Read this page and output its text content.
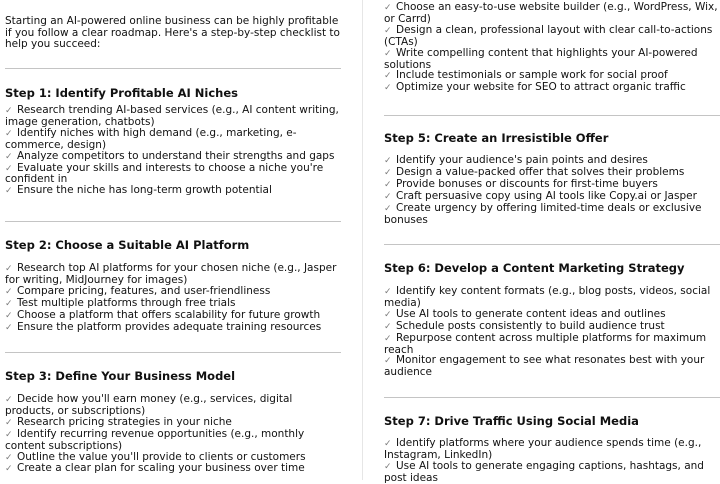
Starting an AI-powered online business can be highly profitable if you follow a clear roadmap. Here's a step-by-step checklist to help you succeed:

Step 1: Identify Profitable AI Niches
✓ Research trending AI-based services (e.g., AI content writing, image generation, chatbots)
✓ Identify niches with high demand (e.g., marketing, e-commerce, design)
✓ Analyze competitors to understand their strengths and gaps
✓ Evaluate your skills and interests to choose a niche you're confident in
✓ Ensure the niche has long-term growth potential
Step 2: Choose a Suitable AI Platform
✓ Research top AI platforms for your chosen niche (e.g., Jasper for writing, MidJourney for images)
✓ Compare pricing, features, and user-friendliness
✓ Test multiple platforms through free trials
✓ Choose a platform that offers scalability for future growth
✓ Ensure the platform provides adequate training resources
Step 3: Define Your Business Model
✓ Decide how you'll earn money (e.g., services, digital products, or subscriptions)
✓ Research pricing strategies in your niche
✓ Identify recurring revenue opportunities (e.g., monthly content subscriptions)
✓ Outline the value you'll provide to clients or customers
✓ Create a clear plan for scaling your business over time
✓ Choose an easy-to-use website builder (e.g., WordPress, Wix, or Carrd)
✓ Design a clean, professional layout with clear call-to-actions (CTAs)
✓ Write compelling content that highlights your AI-powered solutions
✓ Include testimonials or sample work for social proof
✓ Optimize your website for SEO to attract organic traffic
Step 5: Create an Irresistible Offer
✓ Identify your audience's pain points and desires
✓ Design a value-packed offer that solves their problems
✓ Provide bonuses or discounts for first-time buyers
✓ Craft persuasive copy using AI tools like Copy.ai or Jasper
✓ Create urgency by offering limited-time deals or exclusive bonuses
Step 6: Develop a Content Marketing Strategy
✓ Identify key content formats (e.g., blog posts, videos, social media)
✓ Use AI tools to generate content ideas and outlines
✓ Schedule posts consistently to build audience trust
✓ Repurpose content across multiple platforms for maximum reach
✓ Monitor engagement to see what resonates best with your audience
Step 7: Drive Traffic Using Social Media
✓ Identify platforms where your audience spends time (e.g., Instagram, LinkedIn)
✓ Use AI tools to generate engaging captions, hashtags, and post ideas
